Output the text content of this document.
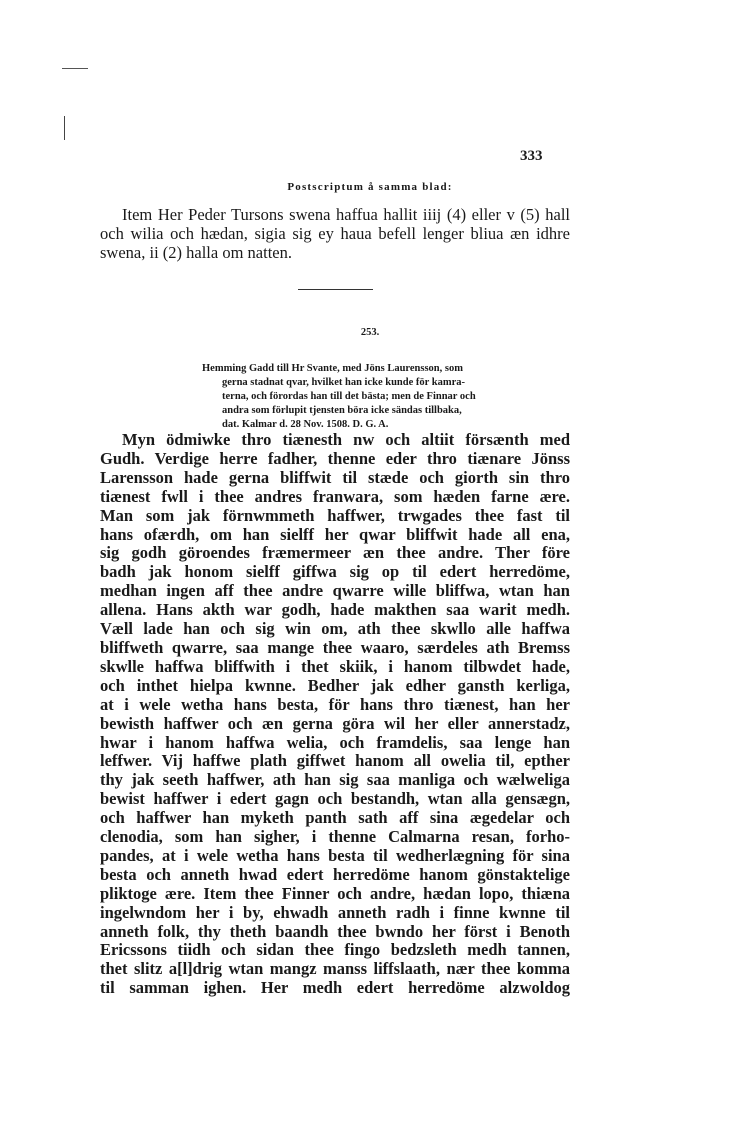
333
Postscriptum å samma blad:
Item Her Peder Tursons swena haffua hallit iiij (4) eller v (5) hall och wilia och hædan, sigia sig ey haua befell lenger bliua æn idhre swena, ii (2) halla om natten.
253.
Hemming Gadd till Hr Svante, med Jöns Laurensson, som
gerna stadnat qvar, hvilket han icke kunde för kamra-
terna, och förordas han till det bästa; men de Finnar och
andra som förlupit tjensten böra icke sändas tillbaka,
dat. Kalmar d. 28 Nov. 1508. D. G. A.
Myn ödmiwke thro tiænesth nw och altiit försænth med
Gudh. Verdige herre fadher, thenne eder thro tiænare Jönss
Larensson hade gerna bliffwit til stæde och giorth sin thro
tiænest fwll i thee andres franwara, som hæden farne ære.
Man som jak förnwmmeth haffwer, trwgades thee fast til
hans ofærdh, om han sielff her qwar bliffwit hade all ena,
sig godh göroendes fræmermeer æn thee andre. Ther före
badh jak honom sielff giffwa sig op til edert herredöme,
medhan ingen aff thee andre qwarre wille bliffwa, wtan han
allena. Hans akth war godh, hade makthen saa warit medh.
Væll lade han och sig win om, ath thee skwllo alle haffwa
bliffweth qwarre, saa mange thee waaro, særdeles ath Bremss
skwlle haffwa bliffwith i thet skiik, i hanom tilbwdet hade,
och inthet hielpa kwnne. Bedher jak edher gansth kerliga,
at i wele wetha hans besta, för hans thro tiænest, han her
bewisth haffwer och æn gerna göra wil her eller annerstadz,
hwar i hanom haffwa welia, och framdelis, saa lenge han
leffwer. Vij haffwe plath giffwet hanom all owelia til, epther
thy jak seeth haffwer, ath han sig saa manliga och wælweliga
bewist haffwer i edert gagn och bestandh, wtan alla gensægn,
och haffwer han myketh panth sath aff sina ægedelar och
clenodia, som han sigher, i thenne Calmarna resan, forho-
pandes, at i wele wetha hans besta til wedherlægning för sina
besta och anneth hwad edert herredöme hanom gönstaktelige
pliktoge ære. Item thee Finner och andre, hædan lopo, thiæna
ingelwndom her i by, ehwadh anneth radh i finne kwnne til
anneth folk, thy theth baandh thee bwndo her först i Benoth
Ericssons tiidh och sidan thee fingo bedzsleth medh tannen,
thet slitz a[l]drig wtan mangz manss liffslaath, nær thee komma
til samman ighen. Her medh edert herredöme alzwoldog
